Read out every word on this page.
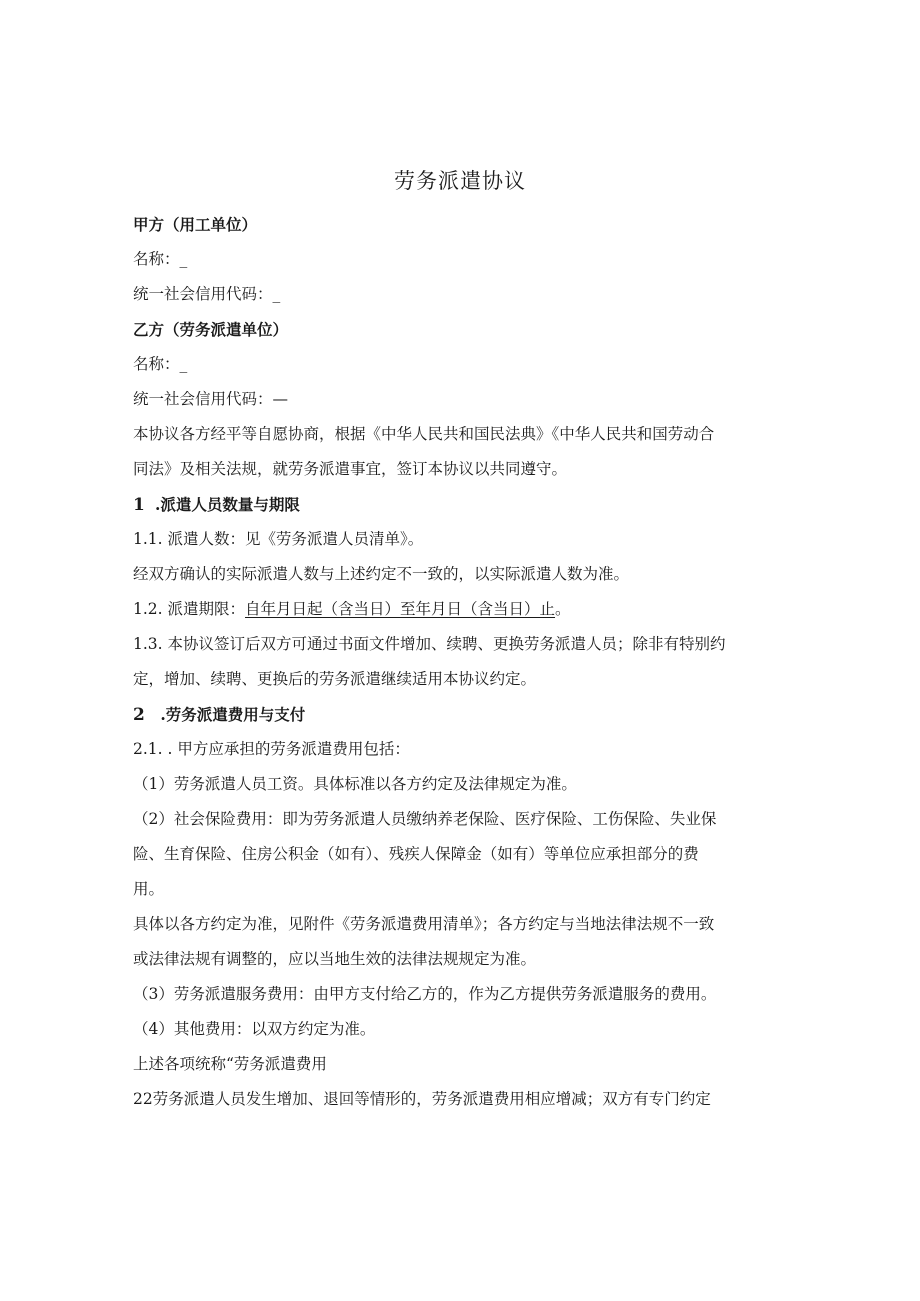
劳务派遣协议

甲方（用工单位）

名称：_

统一社会信用代码：_

乙方（劳务派遣单位）

名称：_

统一社会信用代码：—

本协议各方经平等自愿协商，根据《中华人民共和国民法典》《中华人民共和国劳动合

同法》及相关法规，就劳务派遣事宜，签订本协议以共同遵守。

1 .派遣人员数量与期限

1.1. 派遣人数：见《劳务派遣人员清单》。

经双方确认的实际派遣人数与上述约定不一致的，以实际派遣人数为准。

1.2. 派遣期限：自年月日起（含当日）至年月日（含当日）止。

1.3. 本协议签订后双方可通过书面文件增加、续聘、更换劳务派遣人员；除非有特别约

定，增加、续聘、更换后的劳务派遣继续适用本协议约定。

2 .劳务派遣费用与支付

2.1. . 甲方应承担的劳务派遣费用包括：

（1）劳务派遣人员工资。具体标准以各方约定及法律规定为准。

（2）社会保险费用：即为劳务派遣人员缴纳养老保险、医疗保险、工伤保险、失业保

险、生育保险、住房公积金（如有）、残疾人保障金（如有）等单位应承担部分的费

用。

具体以各方约定为准，见附件《劳务派遣费用清单》；各方约定与当地法律法规不一致

或法律法规有调整的，应以当地生效的法律法规规定为准。

（3）劳务派遣服务费用：由甲方支付给乙方的，作为乙方提供劳务派遣服务的费用。

（4）其他费用：以双方约定为准。

上述各项统称“劳务派遣费用

22劳务派遣人员发生增加、退回等情形的，劳务派遣费用相应增减；双方有专门约定
